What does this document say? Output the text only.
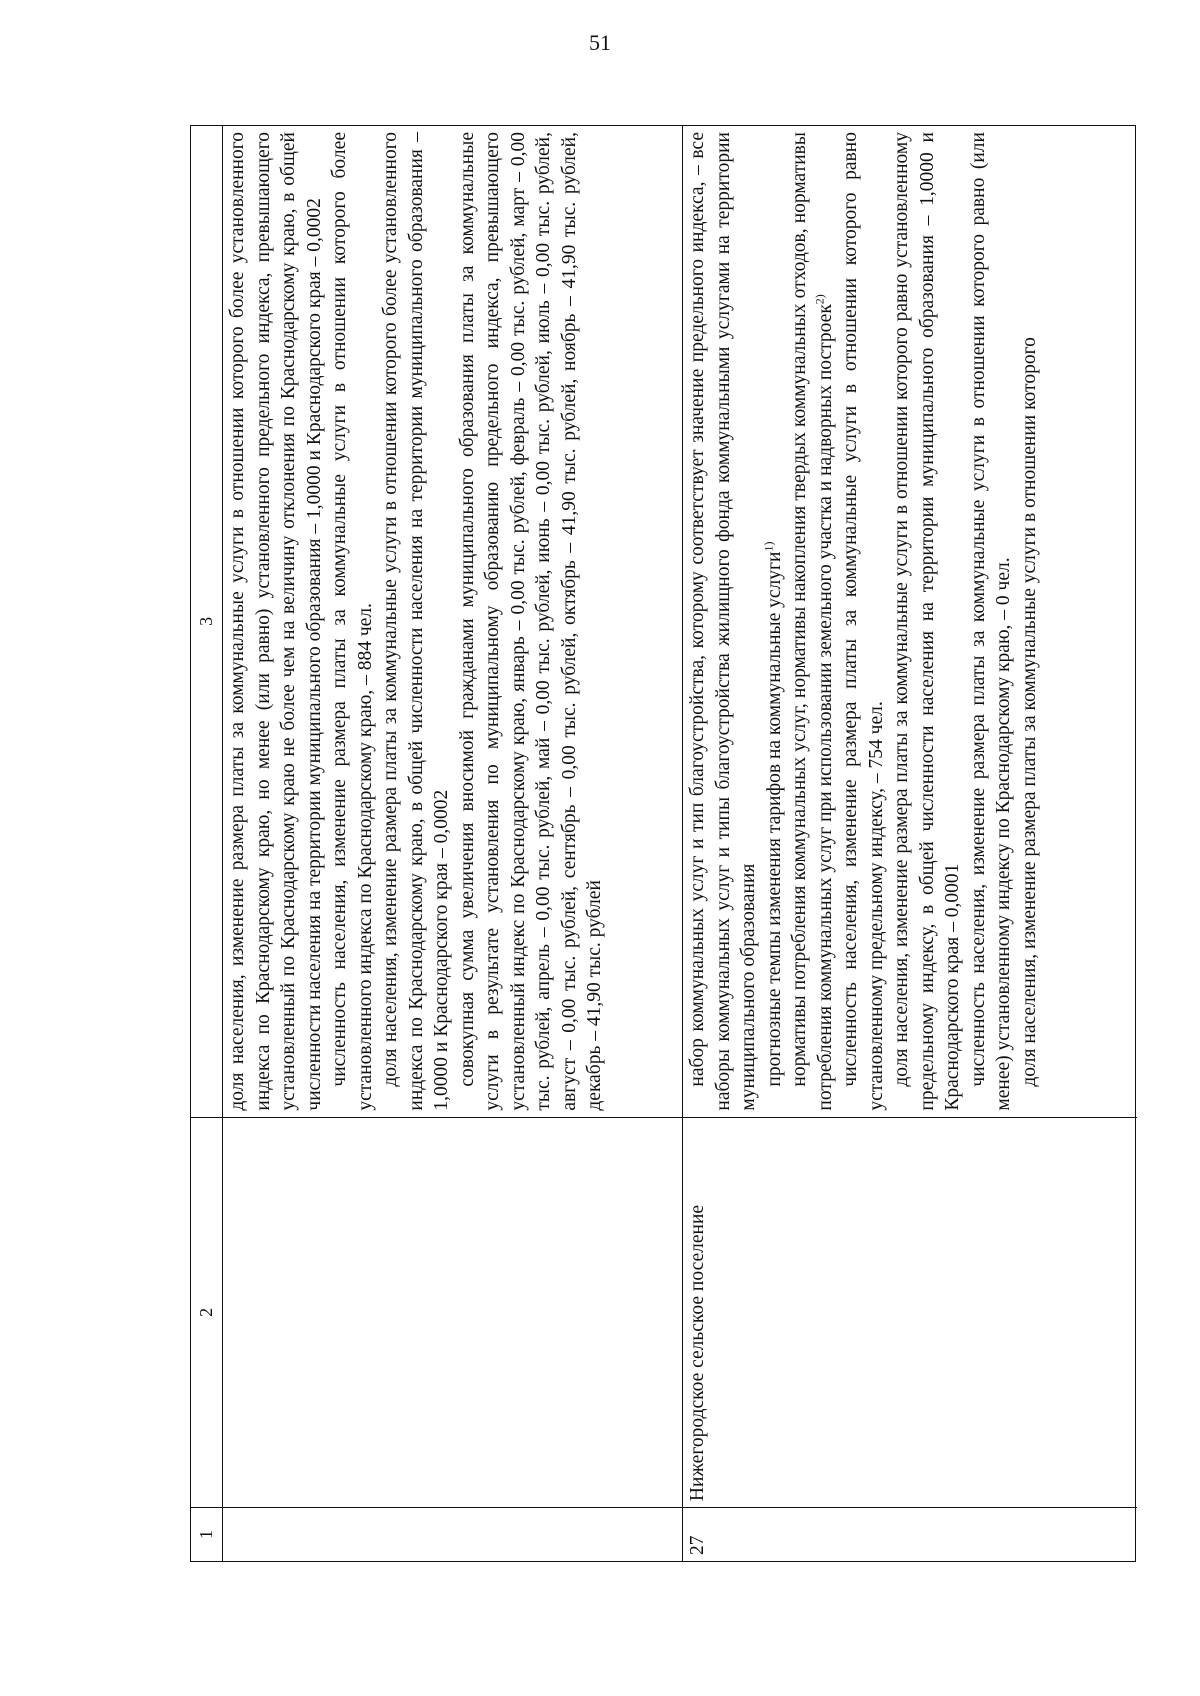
51
1
2
3 доля населения, изменение размера платы за коммунальные услуги в отношении которого более установленного индекса по Краснодарскому краю, но менее (или равно) установленного предельного индекса, превышающего установленный по Краснодарскому краю не более чем на величину отклонения по Краснодарскому краю, в общей численности населения на территории муниципального образования – 1,0000 и Краснодарского края – 0,0002 численность населения, изменение размера платы за коммунальные услуги в отношении которого более установленного индекса по Краснодарскому краю, – 884 чел. доля населения, изменение размера платы за коммунальные услуги в отношении которого более установленного индекса по Краснодарскому краю, в общей численности населения на территории муниципального образования – 1,0000 и Краснодарского края – 0,0002 совокупная сумма увеличения вносимой гражданами муниципального образования платы за коммунальные услуги в результате установления по муниципальному образованию предельного индекса, превышающего установленный индекс по Краснодарскому краю, январь – 0,00 тыс. рублей, февраль – 0,00 тыс. рублей, март – 0,00 тыс. рублей, апрель – 0,00 тыс. рублей, май – 0,00 тыс. рублей, июнь – 0,00 тыс. рублей, июль – 0,00 тыс. рублей, август – 0,00 тыс. рублей, сентябрь – 0,00 тыс. рублей, октябрь – 41,90 тыс. рублей, ноябрь – 41,90 тыс. рублей, декабрь – 41,90 тыс. рублей

27
Нижегородское сельское поселение

набор коммунальных услуг и тип благоустройства, которому соответствует значение предельного индекса, – все наборы коммунальных услуг и типы благоустройства жилищного фонда коммунальными услугами на территории муниципального образования прогнозные темпы изменения тарифов на коммунальные услуги$^{1)}$ нормативы потребления коммунальных услуг, нормативы накопления твердых коммунальных отходов, нормативы потребления коммунальных услуг при использовании земельного участка и надворных построек$^{2)}$ численность населения, изменение размера платы за коммунальные услуги в отношении которого равно установленному предельному индексу, – 754 чел. доля населения, изменение размера платы за коммунальные услуги в отношении которого равно установленному предельному индексу, в общей численности населения на территории муниципального образования – 1,0000 и Краснодарского края – 0,0001 численность населения, изменение размера платы за коммунальные услуги в отношении которого равно (или менее) установленному индексу по Краснодарскому краю, – 0 чел. доля населения, изменение размера платы за коммунальные услуги в отношении которого
